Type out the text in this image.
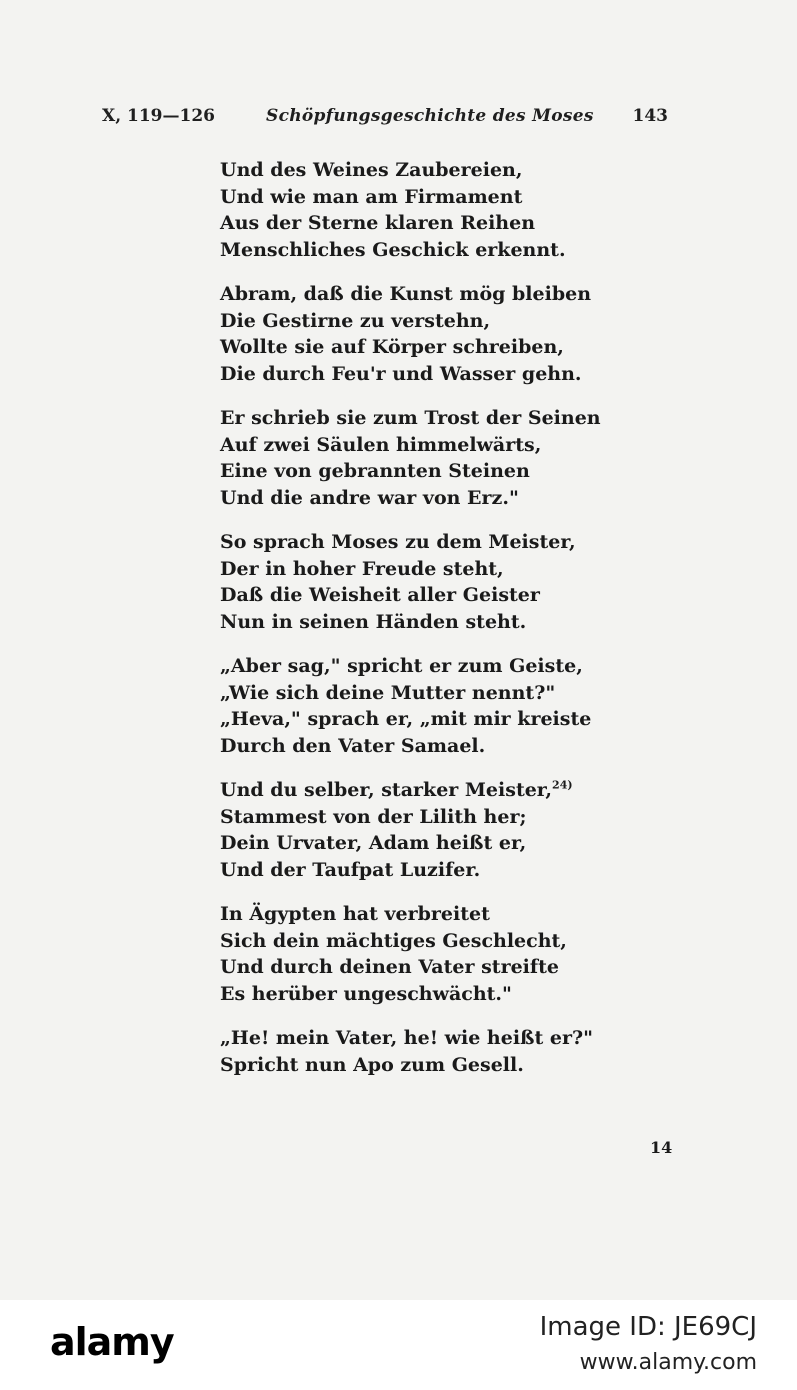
X, 119—126	Schöpfungsgeschichte des Moses 143
Und des Weines Zaubereien,
Und wie man am Firmament
Aus der Sterne klaren Reihen
Menschliches Geschick erkennt.
Abram, daß die Kunst mög bleiben
Die Gestirne zu verstehn,
Wollte sie auf Körper schreiben,
Die durch Feu'r und Wasser gehn.
Er schrieb sie zum Trost der Seinen
Auf zwei Säulen himmelwärts,
Eine von gebrannten Steinen
Und die andre war von Erz."
So sprach Moses zu dem Meister,
Der in hoher Freude steht,
Daß die Weisheit aller Geister
Nun in seinen Händen steht.
„Aber sag," spricht er zum Geiste,
„Wie sich deine Mutter nennt?"
„Heva," sprach er, „mit mir kreiste
Durch den Vater Samael.
Und du selber, starker Meister,$^{24)}$
Stammest von der Lilith her;
Dein Urvater, Adam heißt er,
Und der Taufpat Luzifer.
In Ägypten hat verbreitet
Sich dein mächtiges Geschlecht,
Und durch deinen Vater streifte
Es herüber ungeschwächt."
„He! mein Vater, he! wie heißt er?"
Spricht nun Apo zum Gesell.
14
alamy	Image ID: JE69CJ
www.alamy.com
